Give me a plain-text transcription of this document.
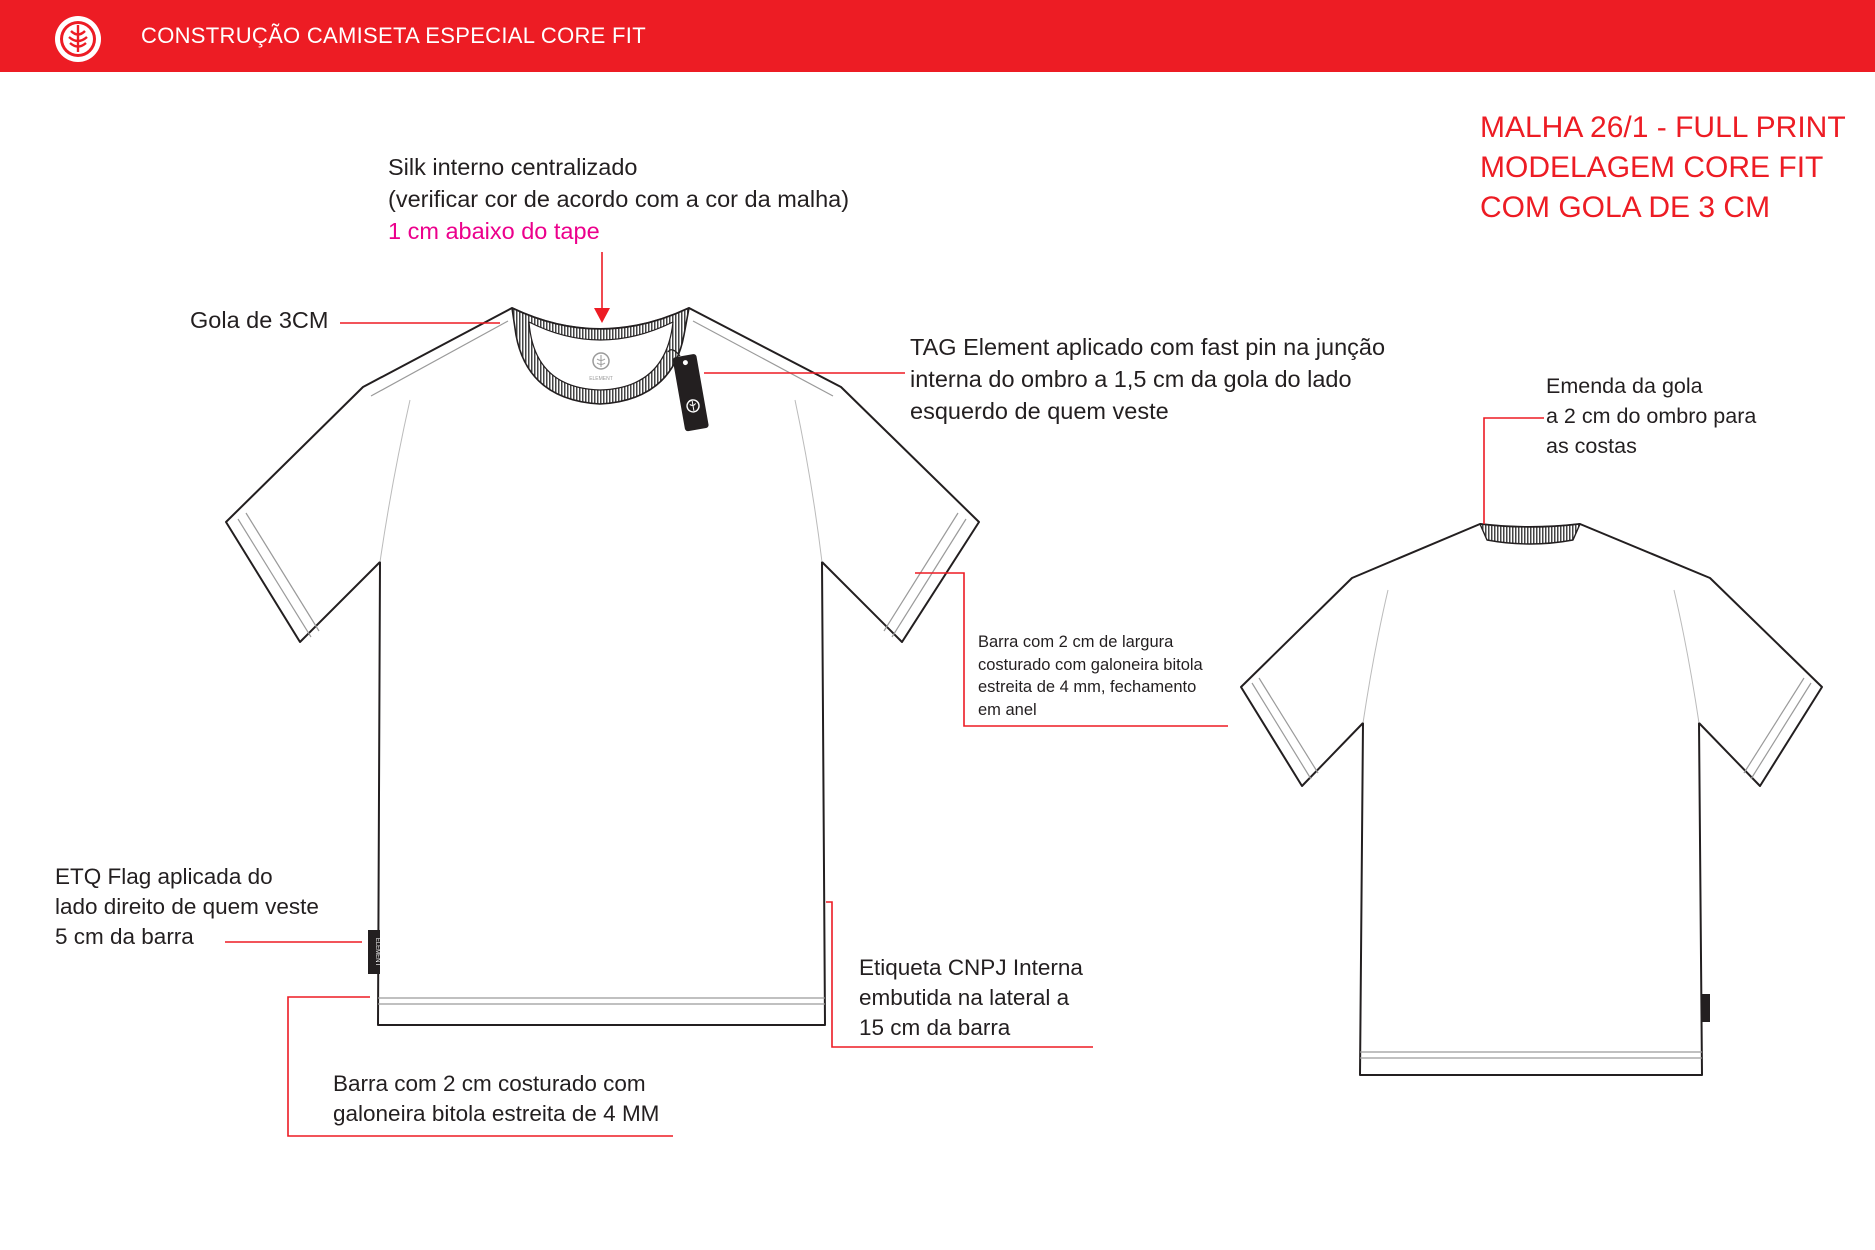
CONSTRUÇÃO CAMISETA ESPECIAL CORE FIT
MALHA 26/1 - FULL PRINT
MODELAGEM CORE FIT
COM GOLA DE 3 CM
ELEMENT
ELEMENT
Silk interno centralizado
(verificar cor de acordo com a cor da malha)
1 cm abaixo do tape
Gola de 3CM
TAG Element aplicado com fast pin na junção
interna do ombro a 1,5 cm da gola do lado
esquerdo de quem veste
Emenda da gola
a 2 cm do ombro para
as costas
Barra com 2 cm de largura
costurado com galoneira bitola
estreita de 4 mm, fechamento
em anel
ETQ Flag aplicada do
lado direito de quem veste
5 cm da barra
Etiqueta CNPJ Interna
embutida na lateral a
15 cm da barra
Barra com 2 cm costurado com
galoneira bitola estreita de 4 MM
